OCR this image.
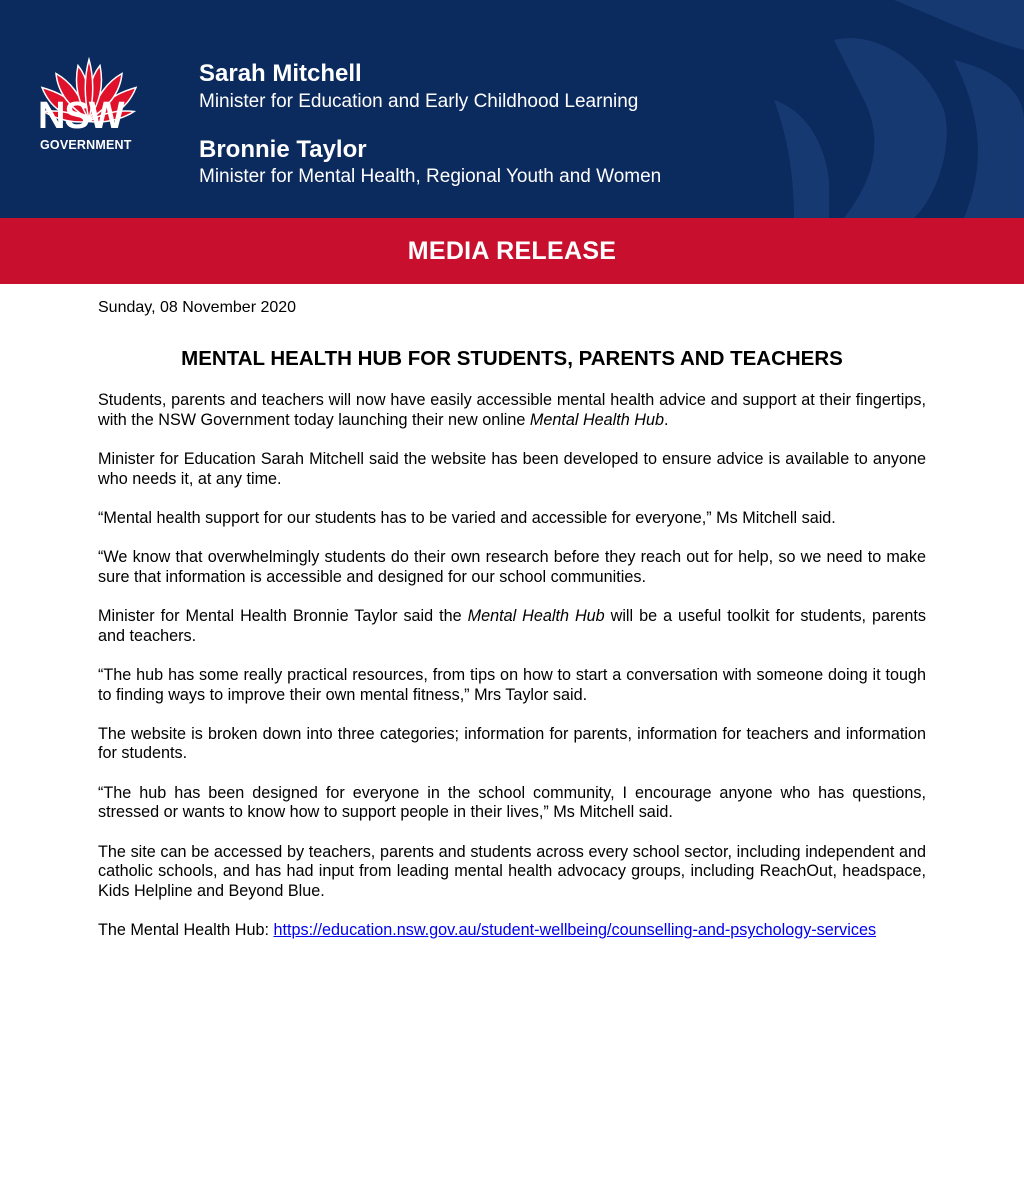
NSW
GOVERNMENT
Sarah Mitchell
Minister for Education and Early Childhood Learning
Bronnie Taylor
Minister for Mental Health, Regional Youth and Women
MEDIA RELEASE

Sunday, 08 November 2020

MENTAL HEALTH HUB FOR STUDENTS, PARENTS AND TEACHERS

Students, parents and teachers will now have easily accessible mental health advice and support at their fingertips, with the NSW Government today launching their new online Mental Health Hub.

Minister for Education Sarah Mitchell said the website has been developed to ensure advice is available to anyone who needs it, at any time.

“Mental health support for our students has to be varied and accessible for everyone,” Ms Mitchell said.

“We know that overwhelmingly students do their own research before they reach out for help, so we need to make sure that information is accessible and designed for our school communities.

Minister for Mental Health Bronnie Taylor said the Mental Health Hub will be a useful toolkit for students, parents and teachers.

“The hub has some really practical resources, from tips on how to start a conversation with someone doing it tough to finding ways to improve their own mental fitness,” Mrs Taylor said.

The website is broken down into three categories; information for parents, information for teachers and information for students.

“The hub has been designed for everyone in the school community, I encourage anyone who has questions, stressed or wants to know how to support people in their lives,” Ms Mitchell said.

The site can be accessed by teachers, parents and students across every school sector, including independent and catholic schools, and has had input from leading mental health advocacy groups, including ReachOut, headspace, Kids Helpline and Beyond Blue.

The Mental Health Hub: https://education.nsw.gov.au/student-wellbeing/counselling-and-psychology-services
